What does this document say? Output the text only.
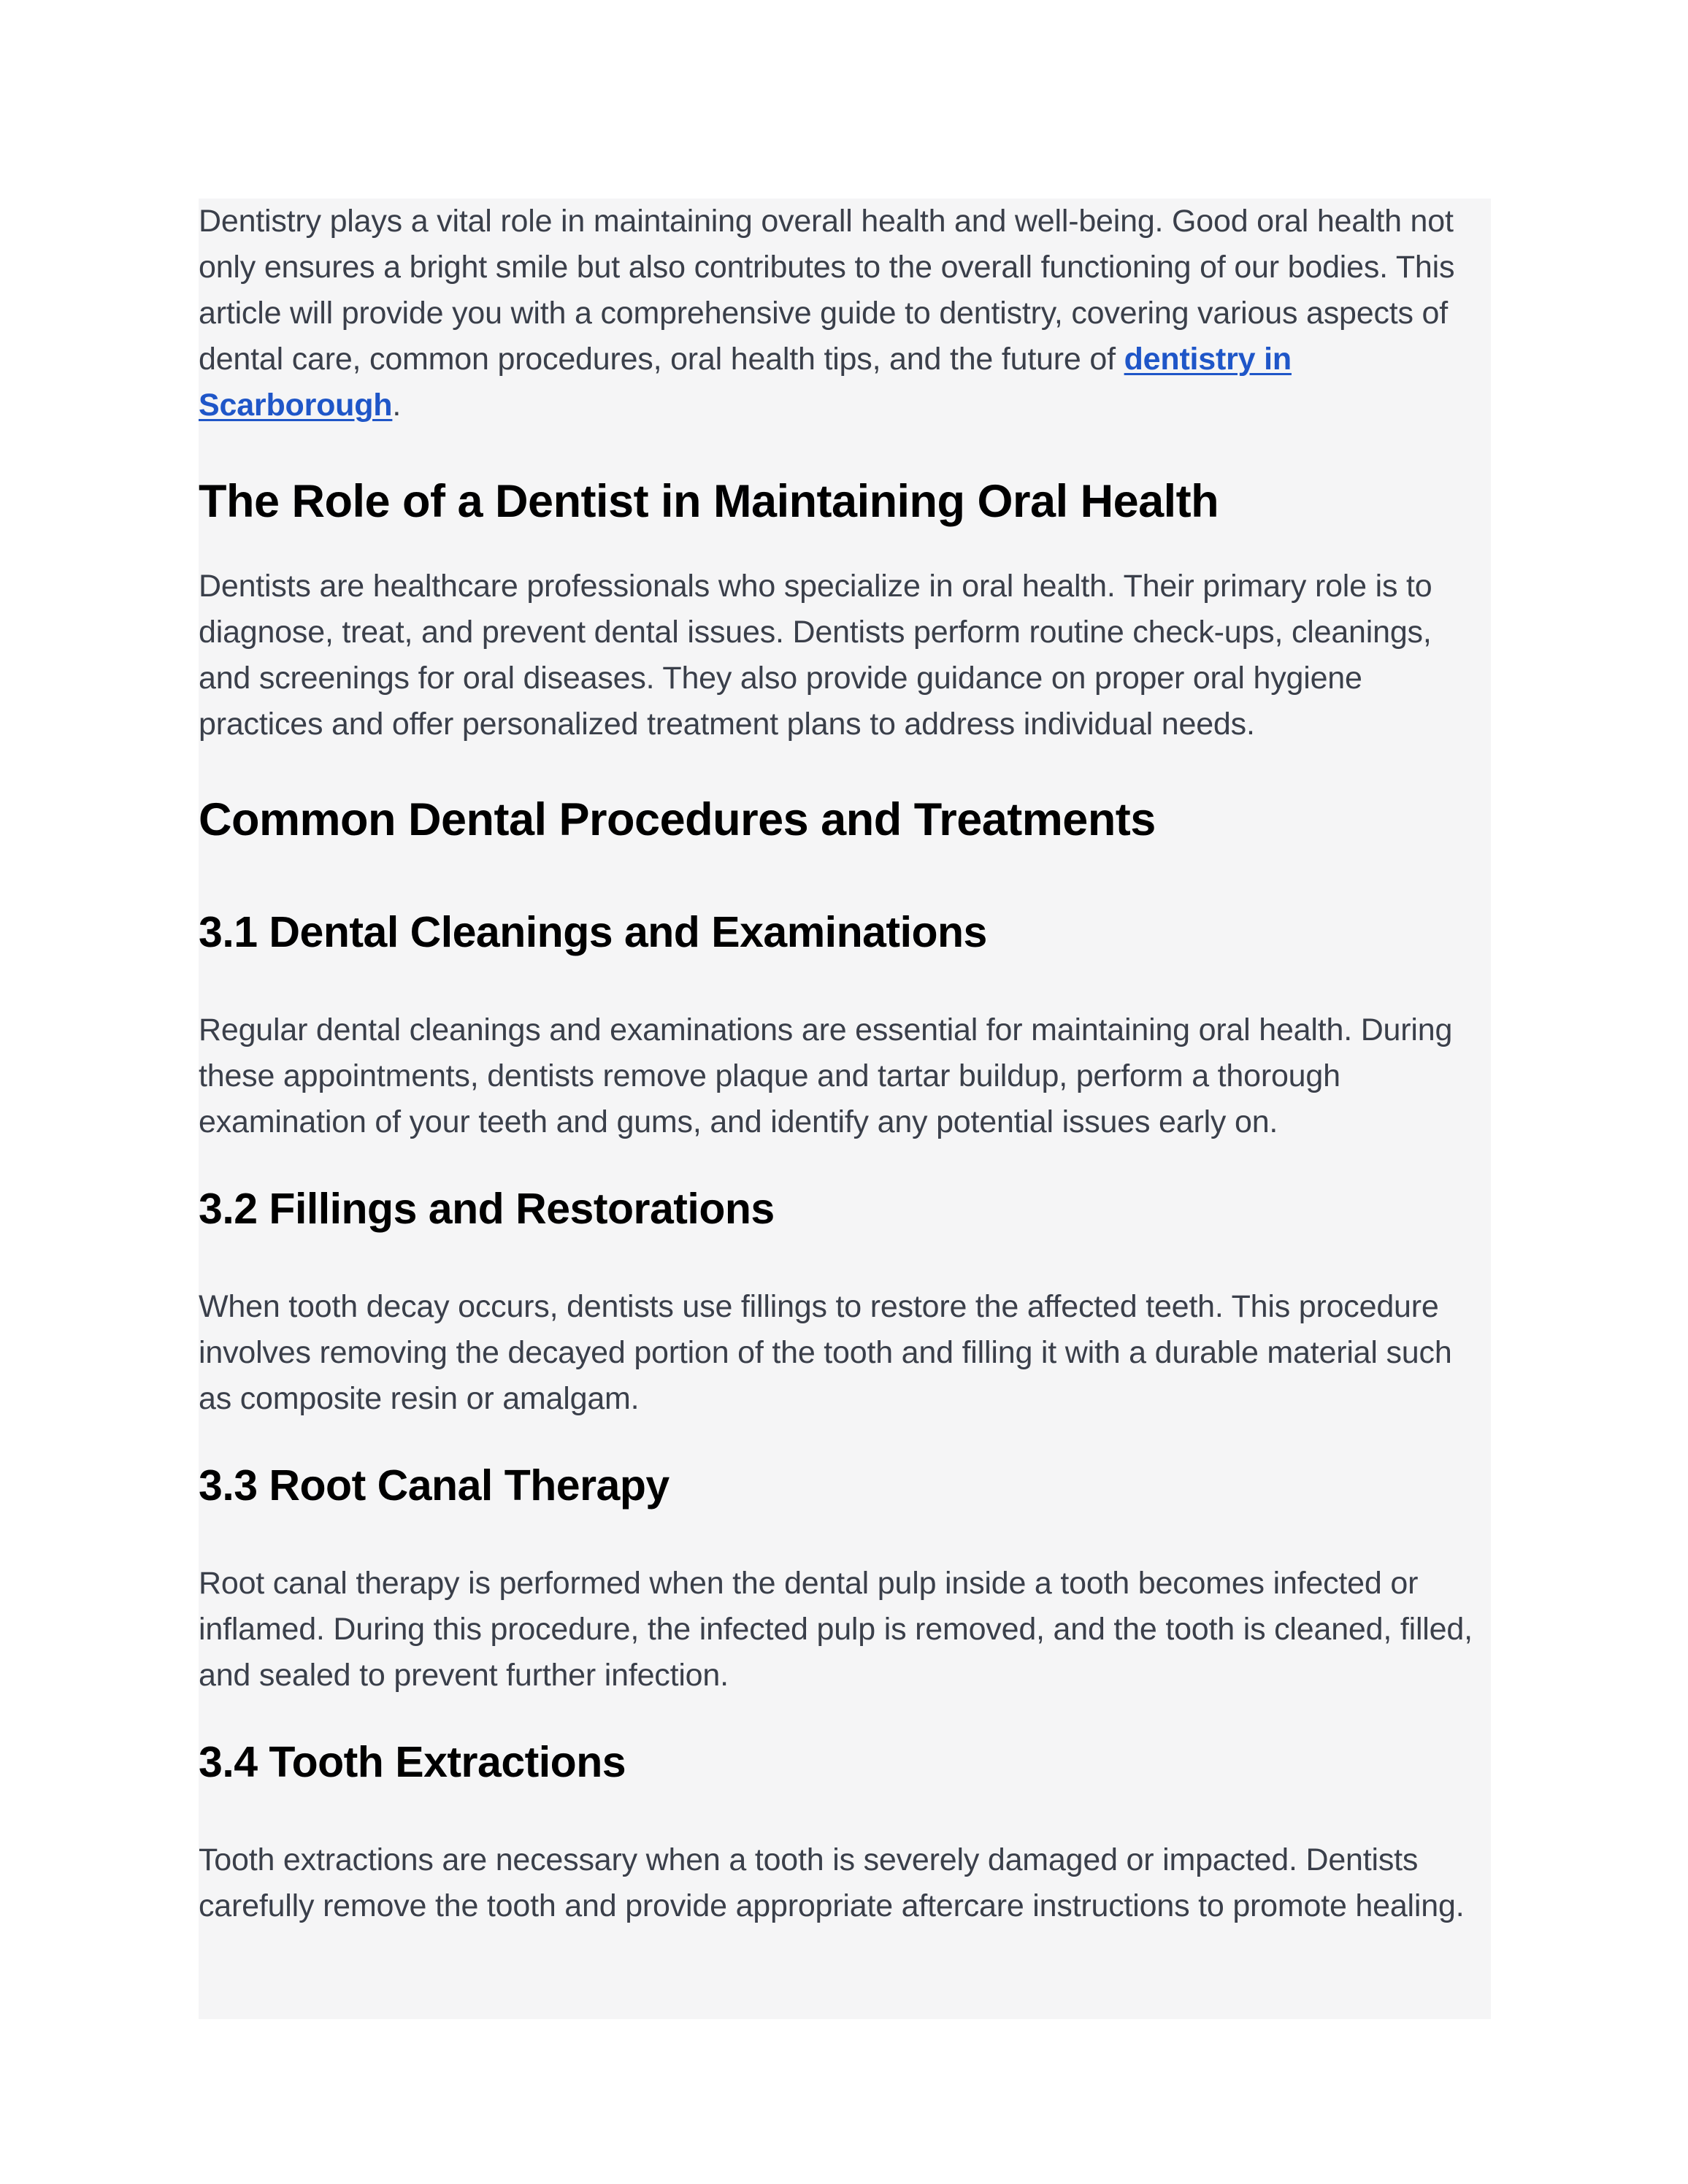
Dentistry plays a vital role in maintaining overall health and well-being. Good oral health not only ensures a bright smile but also contributes to the overall functioning of our bodies. This article will provide you with a comprehensive guide to dentistry, covering various aspects of dental care, common procedures, oral health tips, and the future of dentistry in Scarborough.

The Role of a Dentist in Maintaining Oral Health

Dentists are healthcare professionals who specialize in oral health. Their primary role is to diagnose, treat, and prevent dental issues. Dentists perform routine check-ups, cleanings, and screenings for oral diseases. They also provide guidance on proper oral hygiene practices and offer personalized treatment plans to address individual needs.

Common Dental Procedures and Treatments
3.1 Dental Cleanings and Examinations

Regular dental cleanings and examinations are essential for maintaining oral health. During these appointments, dentists remove plaque and tartar buildup, perform a thorough examination of your teeth and gums, and identify any potential issues early on.

3.2 Fillings and Restorations

When tooth decay occurs, dentists use fillings to restore the affected teeth. This procedure involves removing the decayed portion of the tooth and filling it with a durable material such as composite resin or amalgam.

3.3 Root Canal Therapy

Root canal therapy is performed when the dental pulp inside a tooth becomes infected or inflamed. During this procedure, the infected pulp is removed, and the tooth is cleaned, filled, and sealed to prevent further infection.

3.4 Tooth Extractions

Tooth extractions are necessary when a tooth is severely damaged or impacted. Dentists carefully remove the tooth and provide appropriate aftercare instructions to promote healing.
